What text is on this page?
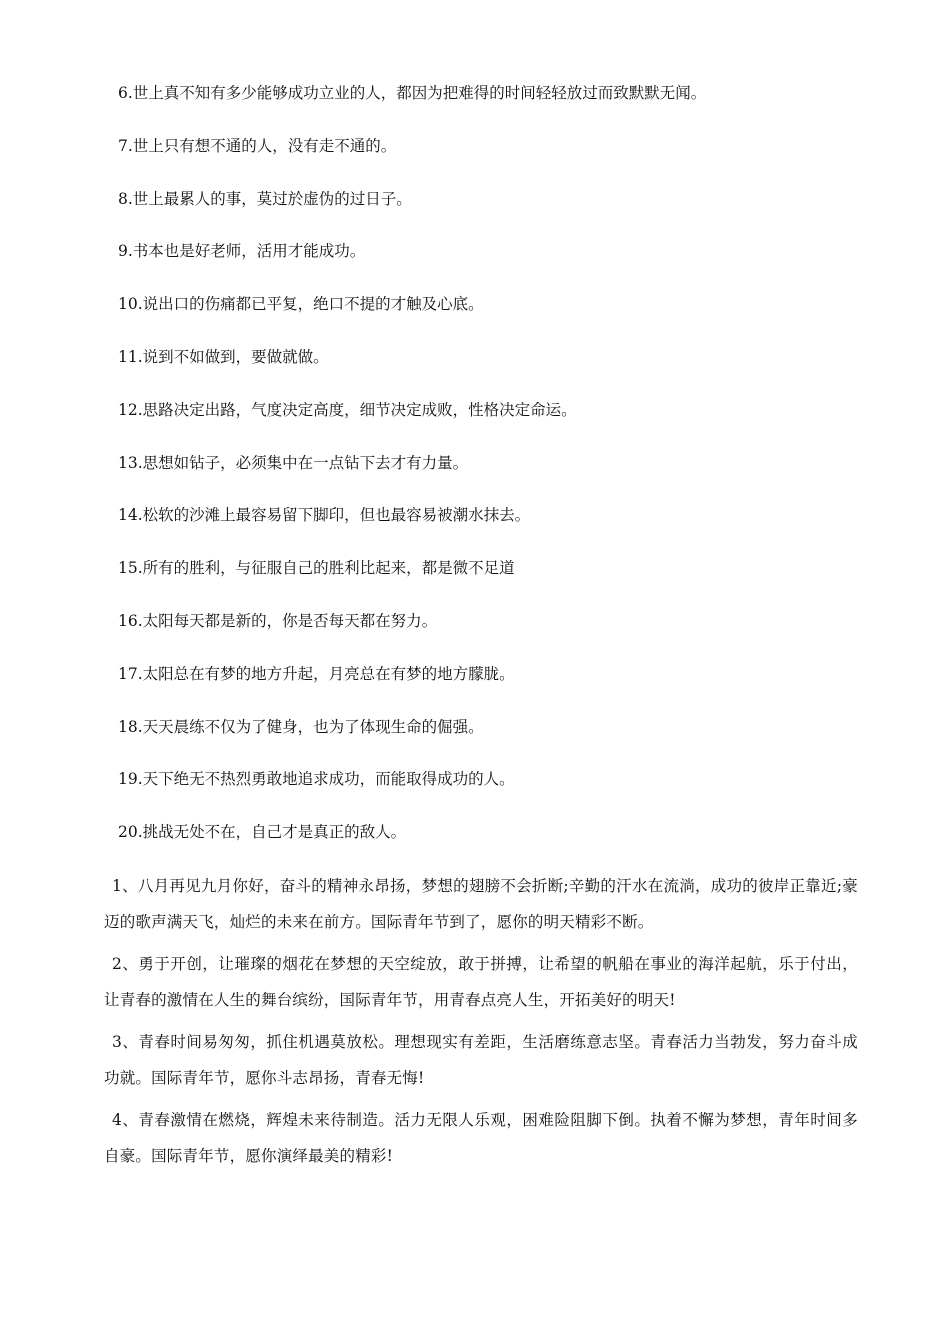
6.世上真不知有多少能够成功立业的人，都因为把难得的时间轻轻放过而致默默无闻。
7.世上只有想不通的人，没有走不通的。
8.世上最累人的事，莫过於虚伪的过日子。
9.书本也是好老师，活用才能成功。
10.说出口的伤痛都已平复，绝口不提的才触及心底。
11.说到不如做到，要做就做。
12.思路决定出路，气度决定高度，细节决定成败，性格决定命运。
13.思想如钻子，必须集中在一点钻下去才有力量。
14.松软的沙滩上最容易留下脚印，但也最容易被潮水抹去。
15.所有的胜利，与征服自己的胜利比起来，都是微不足道
16.太阳每天都是新的，你是否每天都在努力。
17.太阳总在有梦的地方升起，月亮总在有梦的地方朦胧。
18.天天晨练不仅为了健身，也为了体现生命的倔强。
19.天下绝无不热烈勇敢地追求成功，而能取得成功的人。
20.挑战无处不在，自己才是真正的敌人。

1、八月再见九月你好，奋斗的精神永昂扬，梦想的翅膀不会折断;辛勤的汗水在流淌，成功的彼岸正靠近;豪迈的歌声满天飞，灿烂的未来在前方。国际青年节到了，愿你的明天精彩不断。

2、勇于开创，让璀璨的烟花在梦想的天空绽放，敢于拼搏，让希望的帆船在事业的海洋起航，乐于付出，让青春的激情在人生的舞台缤纷，国际青年节，用青春点亮人生，开拓美好的明天!

3、青春时间易匆匆，抓住机遇莫放松。理想现实有差距，生活磨练意志坚。青春活力当勃发，努力奋斗成功就。国际青年节，愿你斗志昂扬，青春无悔!

4、青春激情在燃烧，辉煌未来待制造。活力无限人乐观，困难险阻脚下倒。执着不懈为梦想，青年时间多自豪。国际青年节，愿你演绎最美的精彩!
